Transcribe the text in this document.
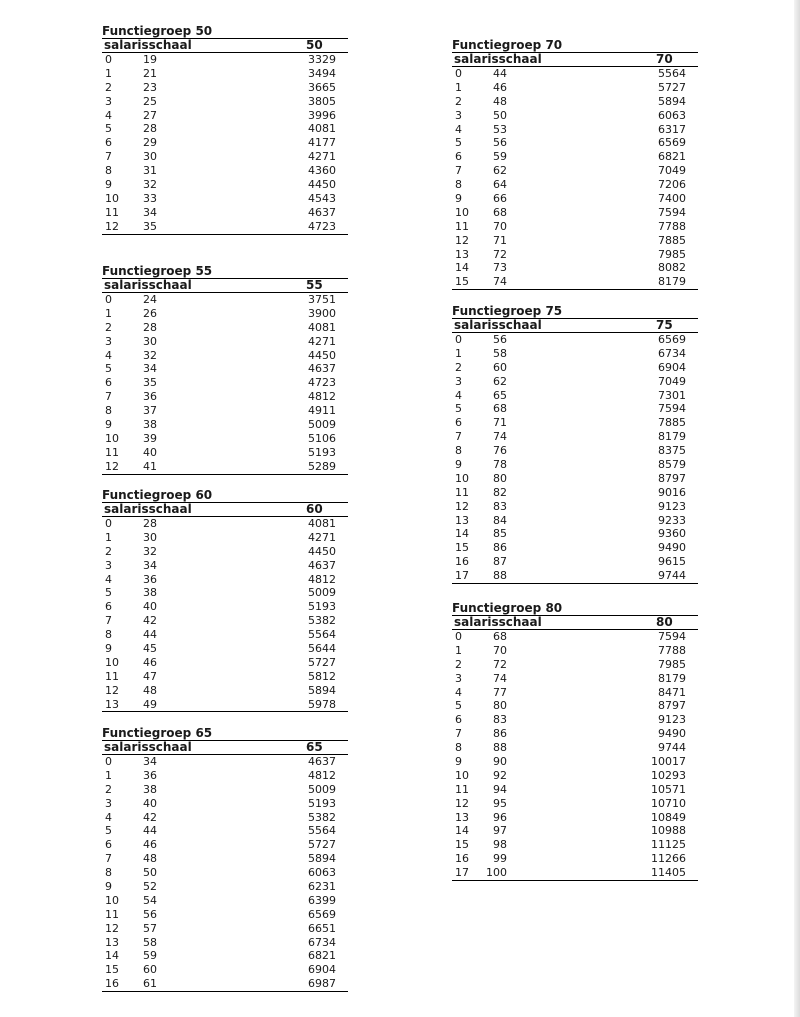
Functiegroep 50
salarisschaal	50
0	19	3329
1	21	3494
2	23	3665
3	25	3805
4	27	3996
5	28	4081
6	29	4177
7	30	4271
8	31	4360
9	32	4450
10	33	4543
11	34	4637
12	35	4723
Functiegroep 55
salarisschaal	55
0	24	3751
1	26	3900
2	28	4081
3	30	4271
4	32	4450
5	34	4637
6	35	4723
7	36	4812
8	37	4911
9	38	5009
10	39	5106
11	40	5193
12	41	5289
Functiegroep 60
salarisschaal	60
0	28	4081
1	30	4271
2	32	4450
3	34	4637
4	36	4812
5	38	5009
6	40	5193
7	42	5382
8	44	5564
9	45	5644
10	46	5727
11	47	5812
12	48	5894
13	49	5978
Functiegroep 65
salarisschaal	65
0	34	4637
1	36	4812
2	38	5009
3	40	5193
4	42	5382
5	44	5564
6	46	5727
7	48	5894
8	50	6063
9	52	6231
10	54	6399
11	56	6569
12	57	6651
13	58	6734
14	59	6821
15	60	6904
16	61	6987
Functiegroep 70
salarisschaal	70
0	44	5564
1	46	5727
2	48	5894
3	50	6063
4	53	6317
5	56	6569
6	59	6821
7	62	7049
8	64	7206
9	66	7400
10	68	7594
11	70	7788
12	71	7885
13	72	7985
14	73	8082
15	74	8179
Functiegroep 75
salarisschaal	75
0	56	6569
1	58	6734
2	60	6904
3	62	7049
4	65	7301
5	68	7594
6	71	7885
7	74	8179
8	76	8375
9	78	8579
10	80	8797
11	82	9016
12	83	9123
13	84	9233
14	85	9360
15	86	9490
16	87	9615
17	88	9744
Functiegroep 80
salarisschaal	80
0	68	7594
1	70	7788
2	72	7985
3	74	8179
4	77	8471
5	80	8797
6	83	9123
7	86	9490
8	88	9744
9	90	10017
10	92	10293
11	94	10571
12	95	10710
13	96	10849
14	97	10988
15	98	11125
16	99	11266
17	100	11405
